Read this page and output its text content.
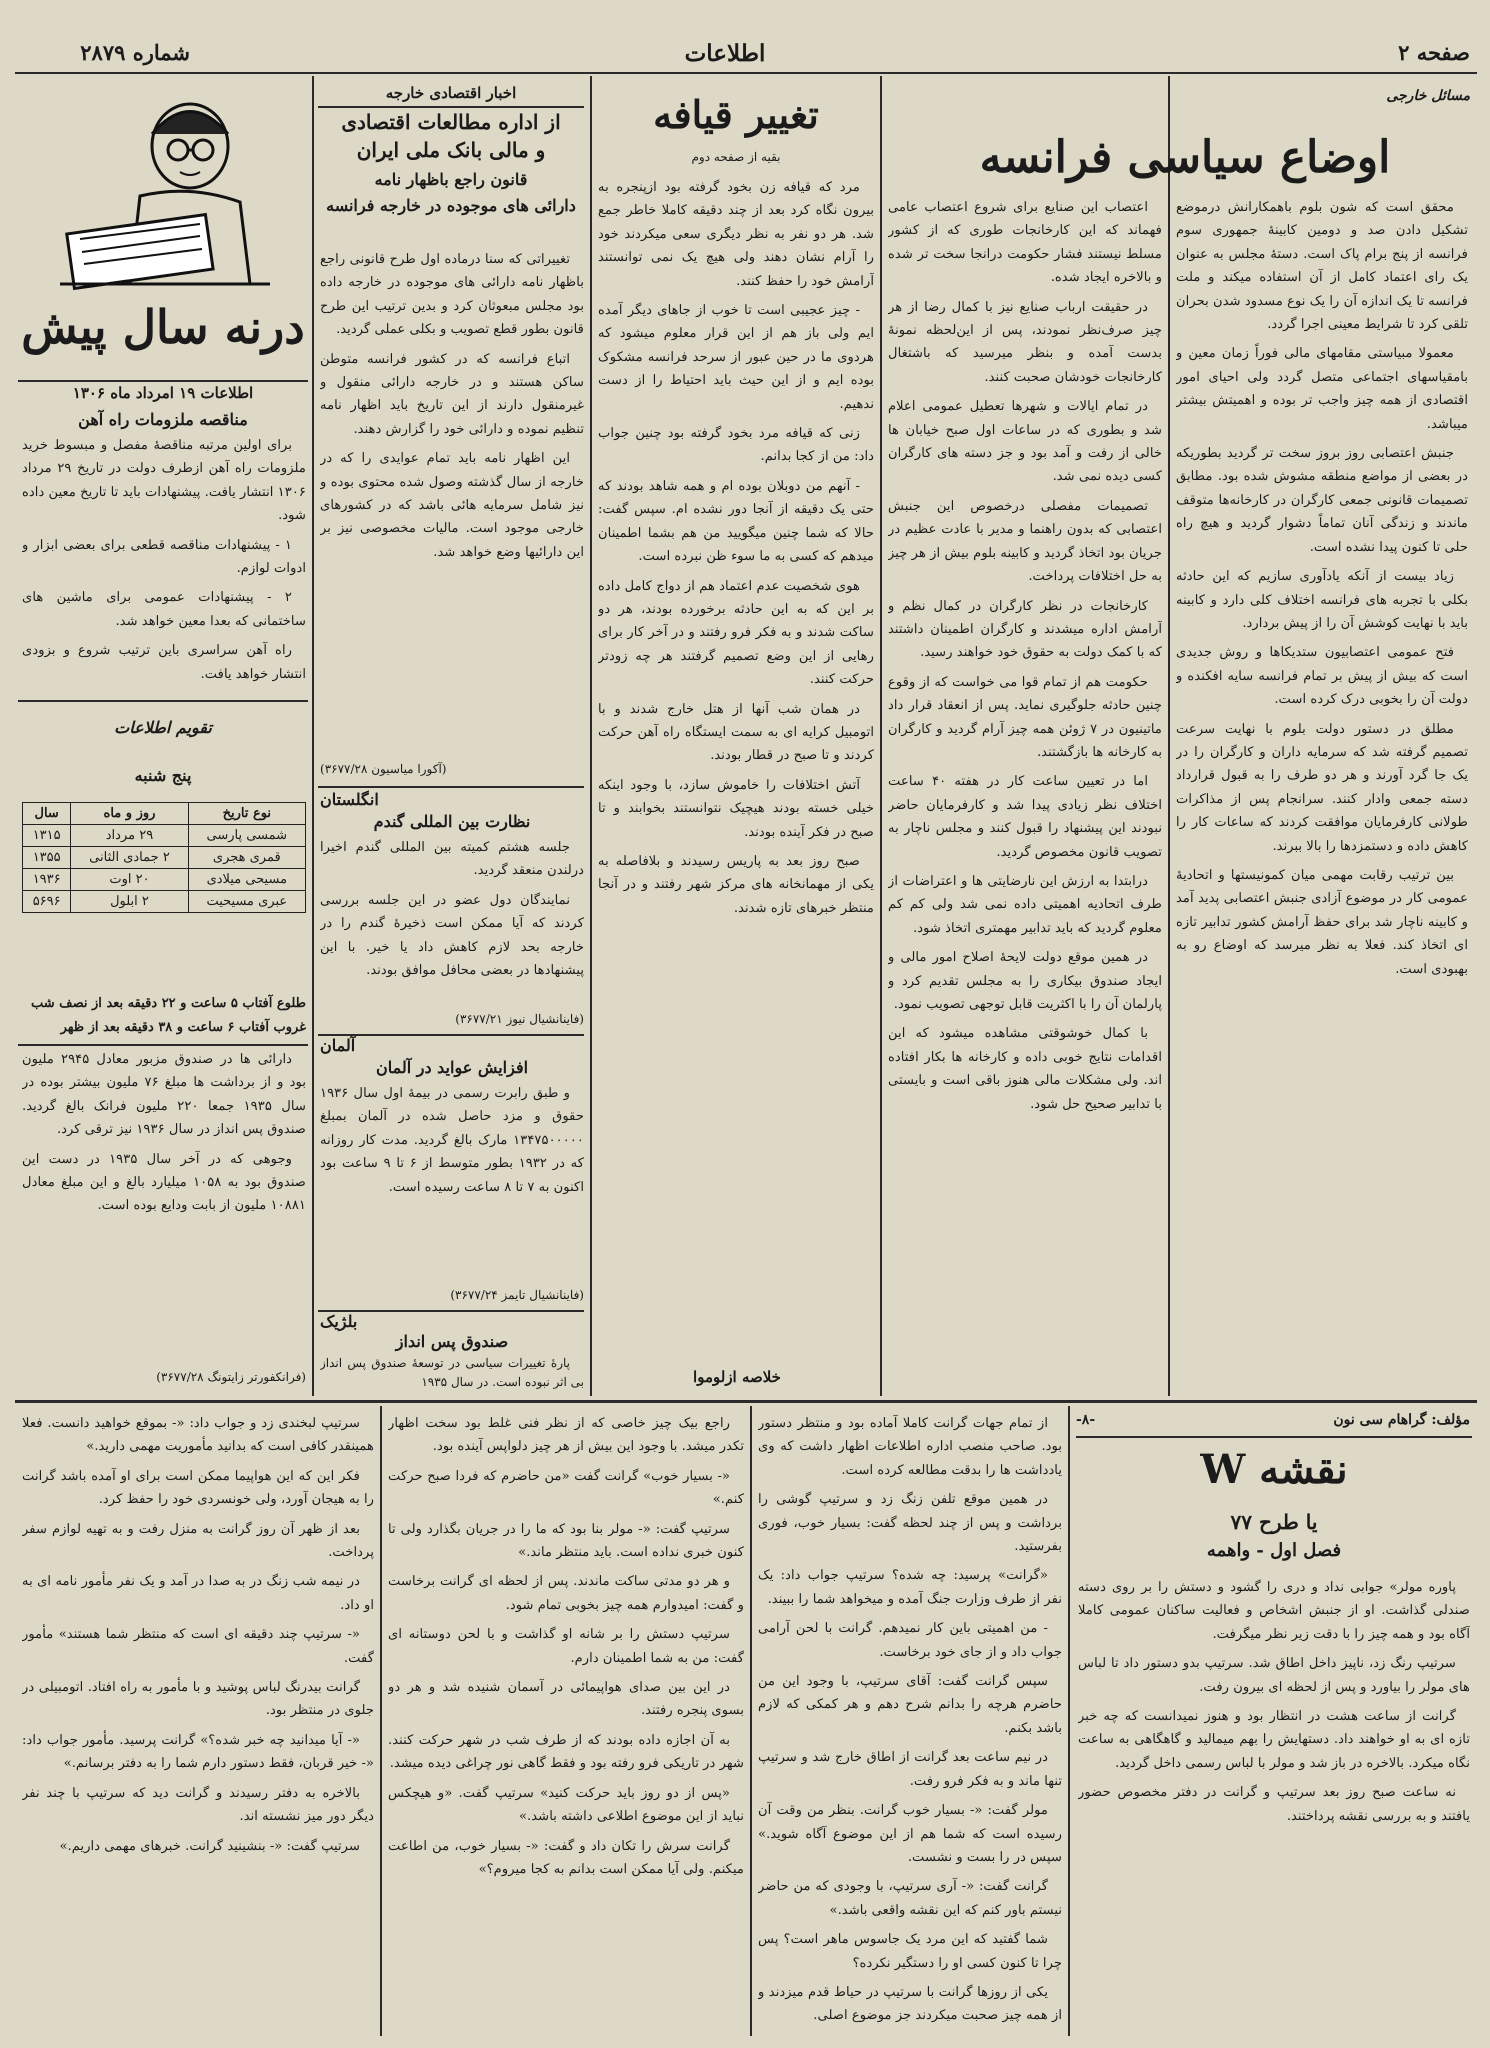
صفحه ۲
اطلاعات
شماره ۲۸۷۹
مسائل خارجی
اوضاع سیاسی فرانسه

محقق است که شون بلوم باهمکارانش درموضع تشکیل دادن صد و دومین کابینهٔ جمهوری سوم فرانسه از پنج برام پاک است. دستهٔ مجلس به عنوان یک رای اعتماد کامل از آن استفاده میکند و ملت فرانسه تا یک اندازه آن را یک نوع مسدود شدن بحران تلقی کرد تا شرایط معینی اجرا گردد.

معمولا مبیاستی مقامهای مالی فوراً زمان معین و بامقیاسهای اجتماعی متصل گردد ولی احیای امور اقتصادی از همه چیز واجب تر بوده و اهمیتش بیشتر میباشد.

جنبش اعتصابی روز بروز سخت تر گردید بطوریکه در بعضی از مواضع منطقه مشوش شده بود. مطابق تصمیمات قانونی جمعی کارگران در کارخانه‌ها متوقف ماندند و زندگی آنان تماماً دشوار گردید و هیچ راه حلی تا کنون پیدا نشده است.

زیاد بیست از آنکه یادآوری سازیم که این حادثه بکلی با تجربه های فرانسه اختلاف کلی دارد و کابینه باید با نهایت کوشش آن را از پیش بردارد.

فتح عمومی اعتصابیون ستدیکاها و روش جدیدی است که بیش از پیش بر تمام فرانسه سایه افکنده و دولت آن را بخوبی درک کرده است.

مطلق در دستور دولت بلوم با نهایت سرعت تصمیم گرفته شد که سرمایه داران و کارگران را در یک جا گرد آورند و هر دو طرف را به قبول قرارداد دسته جمعی وادار کنند. سرانجام پس از مذاکرات طولانی کارفرمایان موافقت کردند که ساعات کار را کاهش داده و دستمزدها را بالا ببرند.

بین ترتیب رقابت مهمی میان کمونیستها و اتحادیهٔ عمومی کار در موضوع آزادی جنبش اعتصابی پدید آمد و کابینه ناچار شد برای حفظ آرامش کشور تدابیر تازه ای اتخاذ کند. فعلا به نظر میرسد که اوضاع رو به بهبودی است.

اعتصاب این صنایع برای شروع اعتصاب عامی فهماند که این کارخانجات طوری که از کشور مسلط نیستند فشار حکومت درانجا سخت تر شده و بالاخره ایجاد شده.

در حقیقت ارباب صنایع نیز با کمال رضا از هر چیز صرف‌نظر نمودند، پس از این‌لحظه نمونهٔ بدست آمده و بنظر میرسید که باشتغال کارخانجات خودشان صحبت کنند.

در تمام ایالات و شهرها تعطیل عمومی اعلام شد و بطوری که در ساعات اول صبح خیابان ها خالی از رفت و آمد بود و جز دسته های کارگران کسی دیده نمی شد.

تصمیمات مفصلی درخصوص این جنبش اعتصابی که بدون راهنما و مدیر با عادت عظیم در جریان بود اتخاذ گردید و کابینه بلوم بیش از هر چیز به حل اختلافات پرداخت.

کارخانجات در نظر کارگران در کمال نظم و آرامش اداره میشدند و کارگران اطمینان داشتند که با کمک دولت به حقوق خود خواهند رسید.

حکومت هم از تمام قوا می خواست که از وقوع چنین حادثه جلوگیری نماید. پس از انعقاد قرار داد ماتینیون در ۷ ژوئن همه چیز آرام گردید و کارگران به کارخانه ها بازگشتند.

اما در تعیین ساعت کار در هفته ۴۰ ساعت اختلاف نظر زیادی پیدا شد و کارفرمایان حاضر نبودند این پیشنهاد را قبول کنند و مجلس ناچار به تصویب قانون مخصوص گردید.

درابتدا به ارزش این نارضایتی ها و اعتراضات از طرف اتحادیه اهمیتی داده نمی شد ولی کم کم معلوم گردید که باید تدابیر مهمتری اتخاذ شود.

در همین موقع دولت لایحهٔ اصلاح امور مالی و ایجاد صندوق بیکاری را به مجلس تقدیم کرد و پارلمان آن را با اکثریت قابل توجهی تصویب نمود.

با کمال خوشوقتی مشاهده میشود که این اقدامات نتایج خوبی داده و کارخانه ها بکار افتاده اند. ولی مشکلات مالی هنوز باقی است و بایستی با تدابیر صحیح حل شود.

تغییر قیافه
بقیه از صفحه دوم

مرد که قیافه زن بخود گرفته بود ازپنجره به بیرون نگاه کرد بعد از چند دقیقه کاملا خاطر جمع شد. هر دو نفر به نظر دیگری سعی میکردند خود را آرام نشان دهند ولی هیچ یک نمی توانستند آرامش خود را حفظ کنند.

- چیز عجیبی است تا خوب از جاهای دیگر آمده ایم ولی باز هم از این قرار معلوم میشود که هردوی ما در حین عبور از سرحد فرانسه مشکوک بوده ایم و از این حیث باید احتیاط را از دست ندهیم.

زنی که قیافه مرد بخود گرفته بود چنین جواب داد: من از کجا بدانم.

- آنهم من دوبلان بوده ام و همه شاهد بودند که حتی یک دقیقه از آنجا دور نشده ام. سپس گفت: حالا که شما چنین میگویید من هم بشما اطمینان میدهم که کسی به ما سوء ظن نبرده است.

هوی شخصیت عدم اعتماد هم از دواج کامل داده بر این که به این حادثه برخورده بودند، هر دو ساکت شدند و به فکر فرو رفتند و در آخر کار برای رهایی از این وضع تصمیم گرفتند هر چه زودتر حرکت کنند.

در همان شب آنها از هتل خارج شدند و با اتومبیل کرایه ای به سمت ایستگاه راه آهن حرکت کردند و تا صبح در قطار بودند.

آتش اختلافات را خاموش سازد، با وجود اینکه خیلی خسته بودند هیچیک نتوانستند بخوابند و تا صبح در فکر آینده بودند.

صبح روز بعد به پاریس رسیدند و بلافاصله به یکی از مهمانخانه های مرکز شهر رفتند و در آنجا منتظر خبرهای تازه شدند.

خلاصه ازلوموا
اخبار اقتصادی خارجه
از اداره مطالعات اقتصادی
و مالی بانک ملی ایران
قانون راجع باظهار نامه
دارائی های موجوده در خارجه فرانسه

تغییراتی که سنا درماده اول طرح قانونی راجع باظهار نامه دارائی های موجوده در خارجه داده بود مجلس مبعوثان کرد و بدین ترتیب این طرح قانون بطور قطع تصویب و بکلی عملی گردید.

اتباع فرانسه که در کشور فرانسه متوطن ساکن هستند و در خارجه دارائی منقول و غیرمنقول دارند از این تاریخ باید اظهار نامه تنظیم نموده و دارائی خود را گزارش دهند.

این اظهار نامه باید تمام عوایدی را که در خارجه از سال گذشته وصول شده محتوی بوده و نیز شامل سرمایه هائی باشد که در کشورهای خارجی موجود است. مالیات مخصوصی نیز بر این دارائیها وضع خواهد شد.

(آکورا میاسیون ۳۶۷۷/۲۸)
انگلستان
نظارت بین المللی گندم

جلسه هشتم کمیته بین المللی گندم اخیرا درلندن منعقد گردید.

نمایندگان دول عضو در این جلسه بررسی کردند که آیا ممکن است ذخیرهٔ گندم را در خارجه بحد لازم کاهش داد یا خیر. با این پیشنهادها در بعضی محافل موافق بودند.

(فاینانشیال نیوز ۳۶۷۷/۲۱)
آلمان
افزایش عواید در آلمان

و طبق رابرت رسمی در بیمهٔ اول سال ۱۹۳۶ حقوق و مزد حاصل شده در آلمان بمبلغ ۱۳۴۷۵۰۰۰۰۰ مارک بالغ گردید. مدت کار روزانه که در ۱۹۳۲ بطور متوسط از ۶ تا ۹ ساعت بود اکنون به ۷ تا ۸ ساعت رسیده است.

(فاینانشیال تایمز ۳۶۷۷/۲۴)
بلژیک
صندوق پس انداز

پارهٔ تغییرات سیاسی در توسعهٔ صندوق پس انداز بی اثر نبوده است. در سال ۱۹۳۵

درنه سال پیش
اطلاعات ۱۹ امرداد ماه ۱۳۰۶
مناقصه ملزومات راه آهن

برای اولین مرتبه مناقصهٔ مفصل و مبسوط خرید ملزومات راه آهن ازطرف دولت در تاریخ ۲۹ مرداد ۱۳۰۶ انتشار یافت. پیشنهادات باید تا تاریخ معین داده شود.

۱ - پیشنهادات مناقصه قطعی برای بعضی ابزار و ادوات لوازم.

۲ - پیشنهادات عمومی برای ماشین های ساختمانی که بعدا معین خواهد شد.

راه آهن سراسری باین ترتیب شروع و بزودی انتشار خواهد یافت.

تقویم اطلاعات
پنج شنبه
نوع تاریخ	روز و ماه	سال
شمسی پارسی	۲۹ مرداد	۱۳۱۵
قمری هجری	۲ جمادی الثانی	۱۳۵۵
مسیحی میلادی	۲۰ اوت	۱۹۳۶
عبری مسیحیت	۲ ابلول	۵۶۹۶
طلوع آفتاب ۵ ساعت و ۲۲ دقیقه بعد از نصف شب
غروب آفتاب ۶ ساعت و ۳۸ دقیقه بعد از ظهر

دارائی ها در صندوق مزبور معادل ۲۹۴۵ ملیون بود و از برداشت ها مبلغ ۷۶ ملیون بیشتر بوده در سال ۱۹۳۵ جمعا ۲۲۰ ملیون فرانک بالغ گردید. صندوق پس انداز در سال ۱۹۳۶ نیز ترقی کرد.

وجوهی که در آخر سال ۱۹۳۵ در دست این صندوق بود به ۱۰۵۸ میلیارد بالغ و این مبلغ معادل ۱۰۸۸۱ ملیون از بابت ودایع بوده است.

(فرانکفورتر زایتونگ ۳۶۷۷/۲۸)
مؤلف: گراهام سی نون
-۸-
نقشه W
یا طرح ۷۷
فصل اول - واهمه

پاوره مولر» جوابی نداد و دری را گشود و دستش را بر روی دسته صندلی گذاشت. او از جنبش اشخاص و فعالیت ساکنان عمومی کاملا آگاه بود و همه چیز را با دقت زیر نظر میگرفت.

سرتیپ رنگ زد، ناپیز داخل اطاق شد. سرتیپ بدو دستور داد تا لباس های مولر را بیاورد و پس از لحظه ای بیرون رفت.

گرانت از ساعت هشت در انتظار بود و هنوز نمیدانست که چه خبر تازه ای به او خواهند داد. دستهایش را بهم میمالید و گاهگاهی به ساعت نگاه میکرد. بالاخره در باز شد و مولر با لباس رسمی داخل گردید.

نه ساعت صبح روز بعد سرتیپ و گرانت در دفتر مخصوص حضور یافتند و به بررسی نقشه پرداختند.

از تمام جهات گرانت کاملا آماده بود و منتظر دستور بود. صاحب منصب اداره اطلاعات اظهار داشت که وی یادداشت ها را بدقت مطالعه کرده است.

در همین موقع تلفن زنگ زد و سرتیپ گوشی را برداشت و پس از چند لحظه گفت: بسیار خوب، فوری بفرستید.

«گرانت» پرسید: چه شده؟ سرتیپ جواب داد: یک نفر از طرف وزارت جنگ آمده و میخواهد شما را ببیند.

- من اهمیتی باین کار نمیدهم. گرانت با لحن آرامی جواب داد و از جای خود برخاست.

سپس گرانت گفت: آقای سرتیپ، با وجود این من حاضرم هرچه را بدانم شرح دهم و هر کمکی که لازم باشد بکنم.

در نیم ساعت بعد گرانت از اطاق خارج شد و سرتیپ تنها ماند و به فکر فرو رفت.

مولر گفت: «- بسیار خوب گرانت. بنظر من وقت آن رسیده است که شما هم از این موضوع آگاه شوید.» سپس در را بست و نشست.

گرانت گفت: «- آری سرتیپ، با وجودی که من حاضر نیستم باور کنم که این نقشه واقعی باشد.»

شما گفتید که این مرد یک جاسوس ماهر است؟ پس چرا تا کنون کسی او را دستگیر نکرده؟

یکی از روزها گرانت با سرتیپ در حیاط قدم میزدند و از همه چیز صحبت میکردند جز موضوع اصلی.

راجع بیک چیز خاصی که از نظر فنی غلط بود سخت اظهار تکدر میشد. با وجود این بیش از هر چیز دلواپس آینده بود.

«- بسیار خوب» گرانت گفت «من حاضرم که فردا صبح حرکت کنم.»

سرتیپ گفت: «- مولر بنا بود که ما را در جریان بگذارد ولی تا کنون خبری نداده است. باید منتظر ماند.»

و هر دو مدتی ساکت ماندند. پس از لحظه ای گرانت برخاست و گفت: امیدوارم همه چیز بخوبی تمام شود.

سرتیپ دستش را بر شانه او گذاشت و با لحن دوستانه ای گفت: من به شما اطمینان دارم.

در این بین صدای هواپیمائی در آسمان شنیده شد و هر دو بسوی پنجره رفتند.

به آن اجازه داده بودند که از طرف شب در شهر حرکت کنند. شهر در تاریکی فرو رفته بود و فقط گاهی نور چراغی دیده میشد.

«پس از دو روز باید حرکت کنید» سرتیپ گفت. «و هیچکس نباید از این موضوع اطلاعی داشته باشد.»

گرانت سرش را تکان داد و گفت: «- بسیار خوب، من اطاعت میکنم. ولی آیا ممکن است بدانم به کجا میروم؟»

سرتیپ لبخندی زد و جواب داد: «- بموقع خواهید دانست. فعلا همینقدر کافی است که بدانید مأموریت مهمی دارید.»

فکر این که این هواپیما ممکن است برای او آمده باشد گرانت را به هیجان آورد، ولی خونسردی خود را حفظ کرد.

بعد از ظهر آن روز گرانت به منزل رفت و به تهیه لوازم سفر پرداخت.

در نیمه شب زنگ در به صدا در آمد و یک نفر مأمور نامه ای به او داد.

«- سرتیپ چند دقیقه ای است که منتظر شما هستند» مأمور گفت.

گرانت بیدرنگ لباس پوشید و با مأمور به راه افتاد. اتومبیلی در جلوی در منتظر بود.

«- آیا میدانید چه خبر شده؟» گرانت پرسید. مأمور جواب داد: «- خیر قربان، فقط دستور دارم شما را به دفتر برسانم.»

بالاخره به دفتر رسیدند و گرانت دید که سرتیپ با چند نفر دیگر دور میز نشسته اند.

سرتیپ گفت: «- بنشینید گرانت. خبرهای مهمی داریم.»
